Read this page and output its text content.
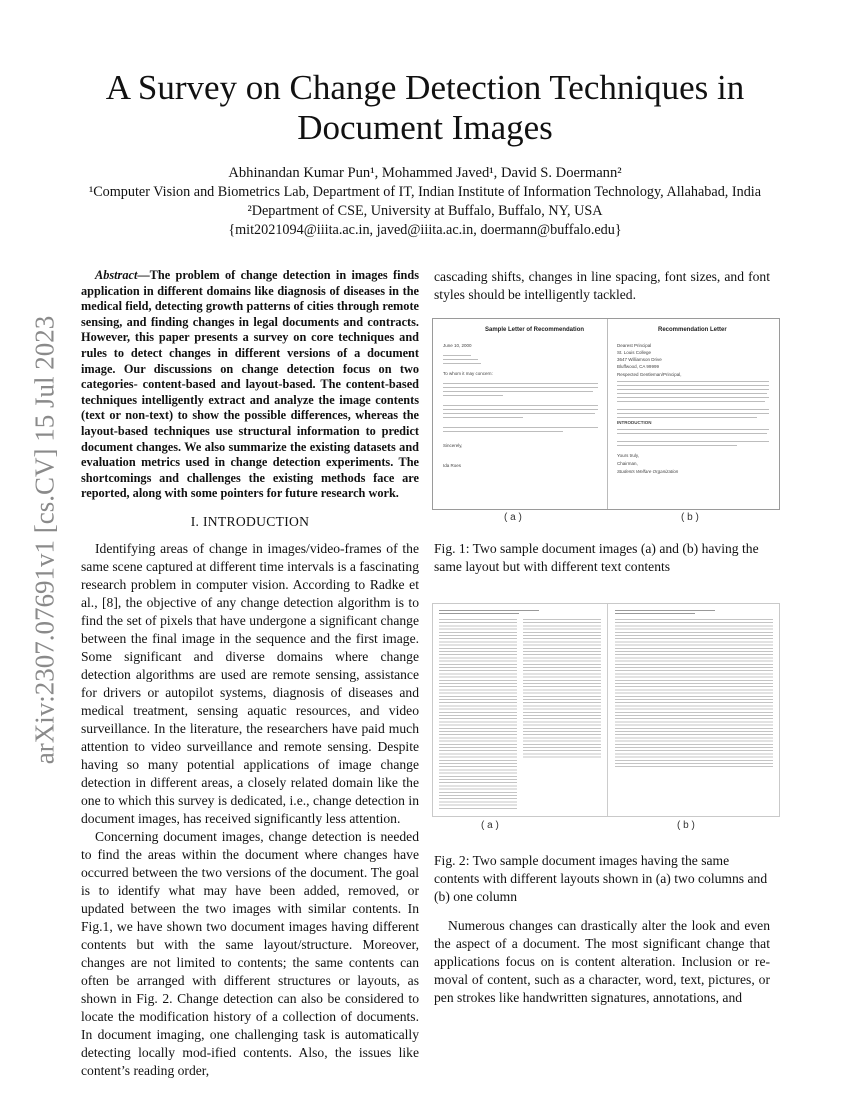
arXiv:2307.07691v1 [cs.CV] 15 Jul 2023
A Survey on Change Detection Techniques in Document Images
Abhinandan Kumar Pun¹, Mohammed Javed¹, David S. Doermann²
¹Computer Vision and Biometrics Lab, Department of IT, Indian Institute of Information Technology, Allahabad, India
²Department of CSE, University at Buffalo, Buffalo, NY, USA
{mit2021094@iiita.ac.in, javed@iiita.ac.in, doermann@buffalo.edu}

Abstract—The problem of change detection in images finds application in different domains like diagnosis of diseases in the medical field, detecting growth patterns of cities through remote sensing, and finding changes in legal documents and contracts. However, this paper presents a survey on core techniques and rules to detect changes in different versions of a document image. Our discussions on change detection focus on two categories- content-based and layout-based. The content-based techniques intelligently extract and analyze the image contents (text or non-text) to show the possible differences, whereas the layout-based techniques use structural information to predict document changes. We also summarize the existing datasets and evaluation metrics used in change detection experiments. The shortcomings and challenges the existing methods face are reported, along with some pointers for future research work.

I. INTRODUCTION

Identifying areas of change in images/video-frames of the same scene captured at different time intervals is a fascinating research problem in computer vision. According to Radke et al., [8], the objective of any change detection algorithm is to find the set of pixels that have undergone a significant change between the final image in the sequence and the first image. Some significant and diverse domains where change detection algorithms are used are remote sensing, assistance for drivers or autopilot systems, diagnosis of diseases and medical treatment, sensing aquatic resources, and video surveillance. In the literature, the researchers have paid much attention to video surveillance and remote sensing. Despite having so many potential applications of image change detection in different areas, a closely related domain like the one to which this survey is dedicated, i.e., change detection in document images, has received significantly less attention.

Concerning document images, change detection is needed to find the areas within the document where changes have occurred between the two versions of the document. The goal is to identify what may have been added, removed, or updated between the two images with similar contents. In Fig.1, we have shown two document images having different contents but with the same layout/structure. Moreover, changes are not limited to contents; the same contents can often be arranged with different structures or layouts, as shown in Fig. 2. Change detection can also be considered to locate the modification history of a collection of documents. In document imaging, one challenging task is automatically detecting locally mod-ified contents. Also, the issues like content’s reading order,

cascading shifts, changes in line spacing, font sizes, and font styles should be intelligently tackled.
Sample Letter of Recommendation
June 10, 2000
To whom it may concern:
Sincerely,
Ida Roes
Recommendation Letter
Dearest Principal
St. Louis College
3647 Williamson Drive
Bluffwood, CA 99999
Respected Gentleman/Principal,
INTRODUCTION
Yours truly,
Chairman,
Students Welfare Organization
( a )	( b )
Fig. 1: Two sample document images (a) and (b) having the same layout but with different text contents
( a )	( b )
Fig. 2: Two sample document images having the same contents with different layouts shown in (a) two columns and (b) one column
Numerous changes can drastically alter the look and even the aspect of a document. The most significant change that applications focus on is content alteration. Inclusion or re-moval of content, such as a character, word, text, pictures, or pen strokes like handwritten signatures, annotations, and
